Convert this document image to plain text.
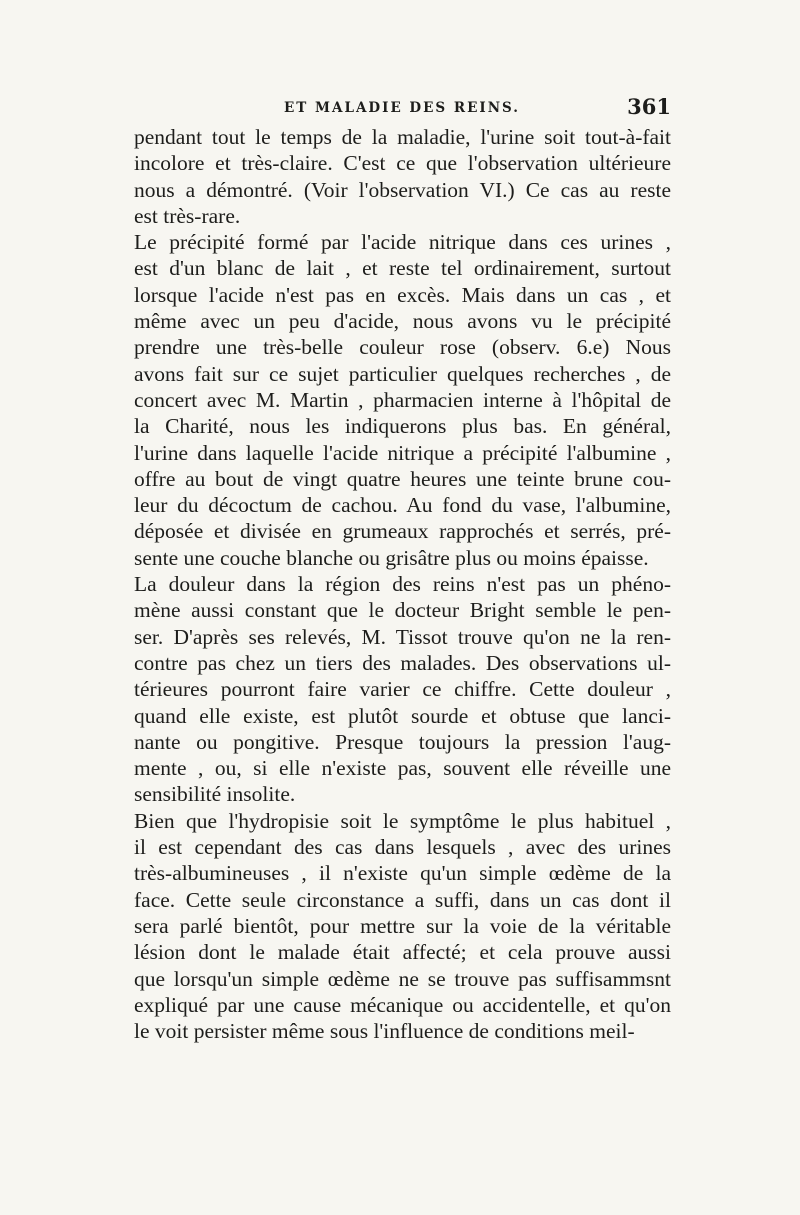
ET MALADIE DES REINS.	361
pendant tout le temps de la maladie, l'urine soit tout-à-fait
incolore et très-claire. C'est ce que l'observation ultérieure
nous a démontré. (Voir l'observation VI.) Ce cas au reste
est très-rare.
Le précipité formé par l'acide nitrique dans ces urines ,
est d'un blanc de lait , et reste tel ordinairement, surtout
lorsque l'acide n'est pas en excès. Mais dans un cas , et
même avec un peu d'acide, nous avons vu le précipité
prendre une très-belle couleur rose (observ. 6.e) Nous
avons fait sur ce sujet particulier quelques recherches , de
concert avec M. Martin , pharmacien interne à l'hôpital de
la Charité, nous les indiquerons plus bas. En général,
l'urine dans laquelle l'acide nitrique a précipité l'albumine ,
offre au bout de vingt quatre heures une teinte brune cou-
leur du décoctum de cachou. Au fond du vase, l'albumine,
déposée et divisée en grumeaux rapprochés et serrés, pré-
sente une couche blanche ou grisâtre plus ou moins épaisse.
La douleur dans la région des reins n'est pas un phéno-
mène aussi constant que le docteur Bright semble le pen-
ser. D'après ses relevés, M. Tissot trouve qu'on ne la ren-
contre pas chez un tiers des malades. Des observations ul-
térieures pourront faire varier ce chiffre. Cette douleur ,
quand elle existe, est plutôt sourde et obtuse que lanci-
nante ou pongitive. Presque toujours la pression l'aug-
mente , ou, si elle n'existe pas, souvent elle réveille une
sensibilité insolite.
Bien que l'hydropisie soit le symptôme le plus habituel ,
il est cependant des cas dans lesquels , avec des urines
très-albumineuses , il n'existe qu'un simple œdème de la
face. Cette seule circonstance a suffi, dans un cas dont il
sera parlé bientôt, pour mettre sur la voie de la véritable
lésion dont le malade était affecté; et cela prouve aussi
que lorsqu'un simple œdème ne se trouve pas suffisammsnt
expliqué par une cause mécanique ou accidentelle, et qu'on
le voit persister même sous l'influence de conditions meil-
